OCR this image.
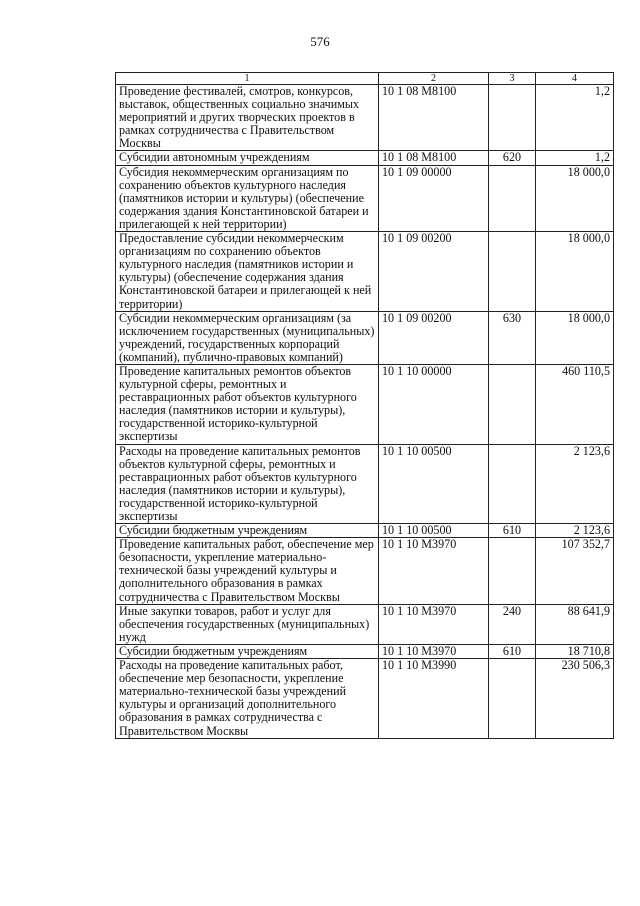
576
1	2	3	4
Проведение фестивалей, смотров, конкурсов, выставок, общественных социально значимых мероприятий и других творческих проектов в рамках сотрудничества с Правительством Москвы	10 1 08 М8100		1,2
Субсидии автономным учреждениям	10 1 08 М8100	620	1,2
Субсидия некоммерческим организациям по сохранению объектов культурного наследия (памятников истории и культуры) (обеспечение содержания здания Константиновской батареи и прилегающей к ней территории)	10 1 09 00000		18 000,0
Предоставление субсидии некоммерческим организациям по сохранению объектов культурного наследия (памятников истории и культуры) (обеспечение содержания здания Константиновской батареи и прилегающей к ней территории)	10 1 09 00200		18 000,0
Субсидии некоммерческим организациям (за исключением государственных (муниципальных) учреждений, государственных корпораций (компаний), публично-правовых компаний)	10 1 09 00200	630	18 000,0
Проведение капитальных ремонтов объектов культурной сферы, ремонтных и реставрационных работ объектов культурного наследия (памятников истории и культуры), государственной историко-культурной экспертизы	10 1 10 00000		460 110,5
Расходы на проведение капитальных ремонтов объектов культурной сферы, ремонтных и реставрационных работ объектов культурного наследия (памятников истории и культуры), государственной историко-культурной экспертизы	10 1 10 00500		2 123,6
Субсидии бюджетным учреждениям	10 1 10 00500	610	2 123,6
Проведение капитальных работ, обеспечение мер безопасности, укрепление материально-технической базы учреждений культуры и дополнительного образования в рамках сотрудничества с Правительством Москвы	10 1 10 М3970		107 352,7
Иные закупки товаров, работ и услуг для обеспечения государственных (муниципальных) нужд	10 1 10 М3970	240	88 641,9
Субсидии бюджетным учреждениям	10 1 10 М3970	610	18 710,8
Расходы на проведение капитальных работ, обеспечение мер безопасности, укрепление материально-технической базы учреждений культуры и организаций дополнительного образования в рамках сотрудничества с Правительством Москвы	10 1 10 М3990		230 506,3
